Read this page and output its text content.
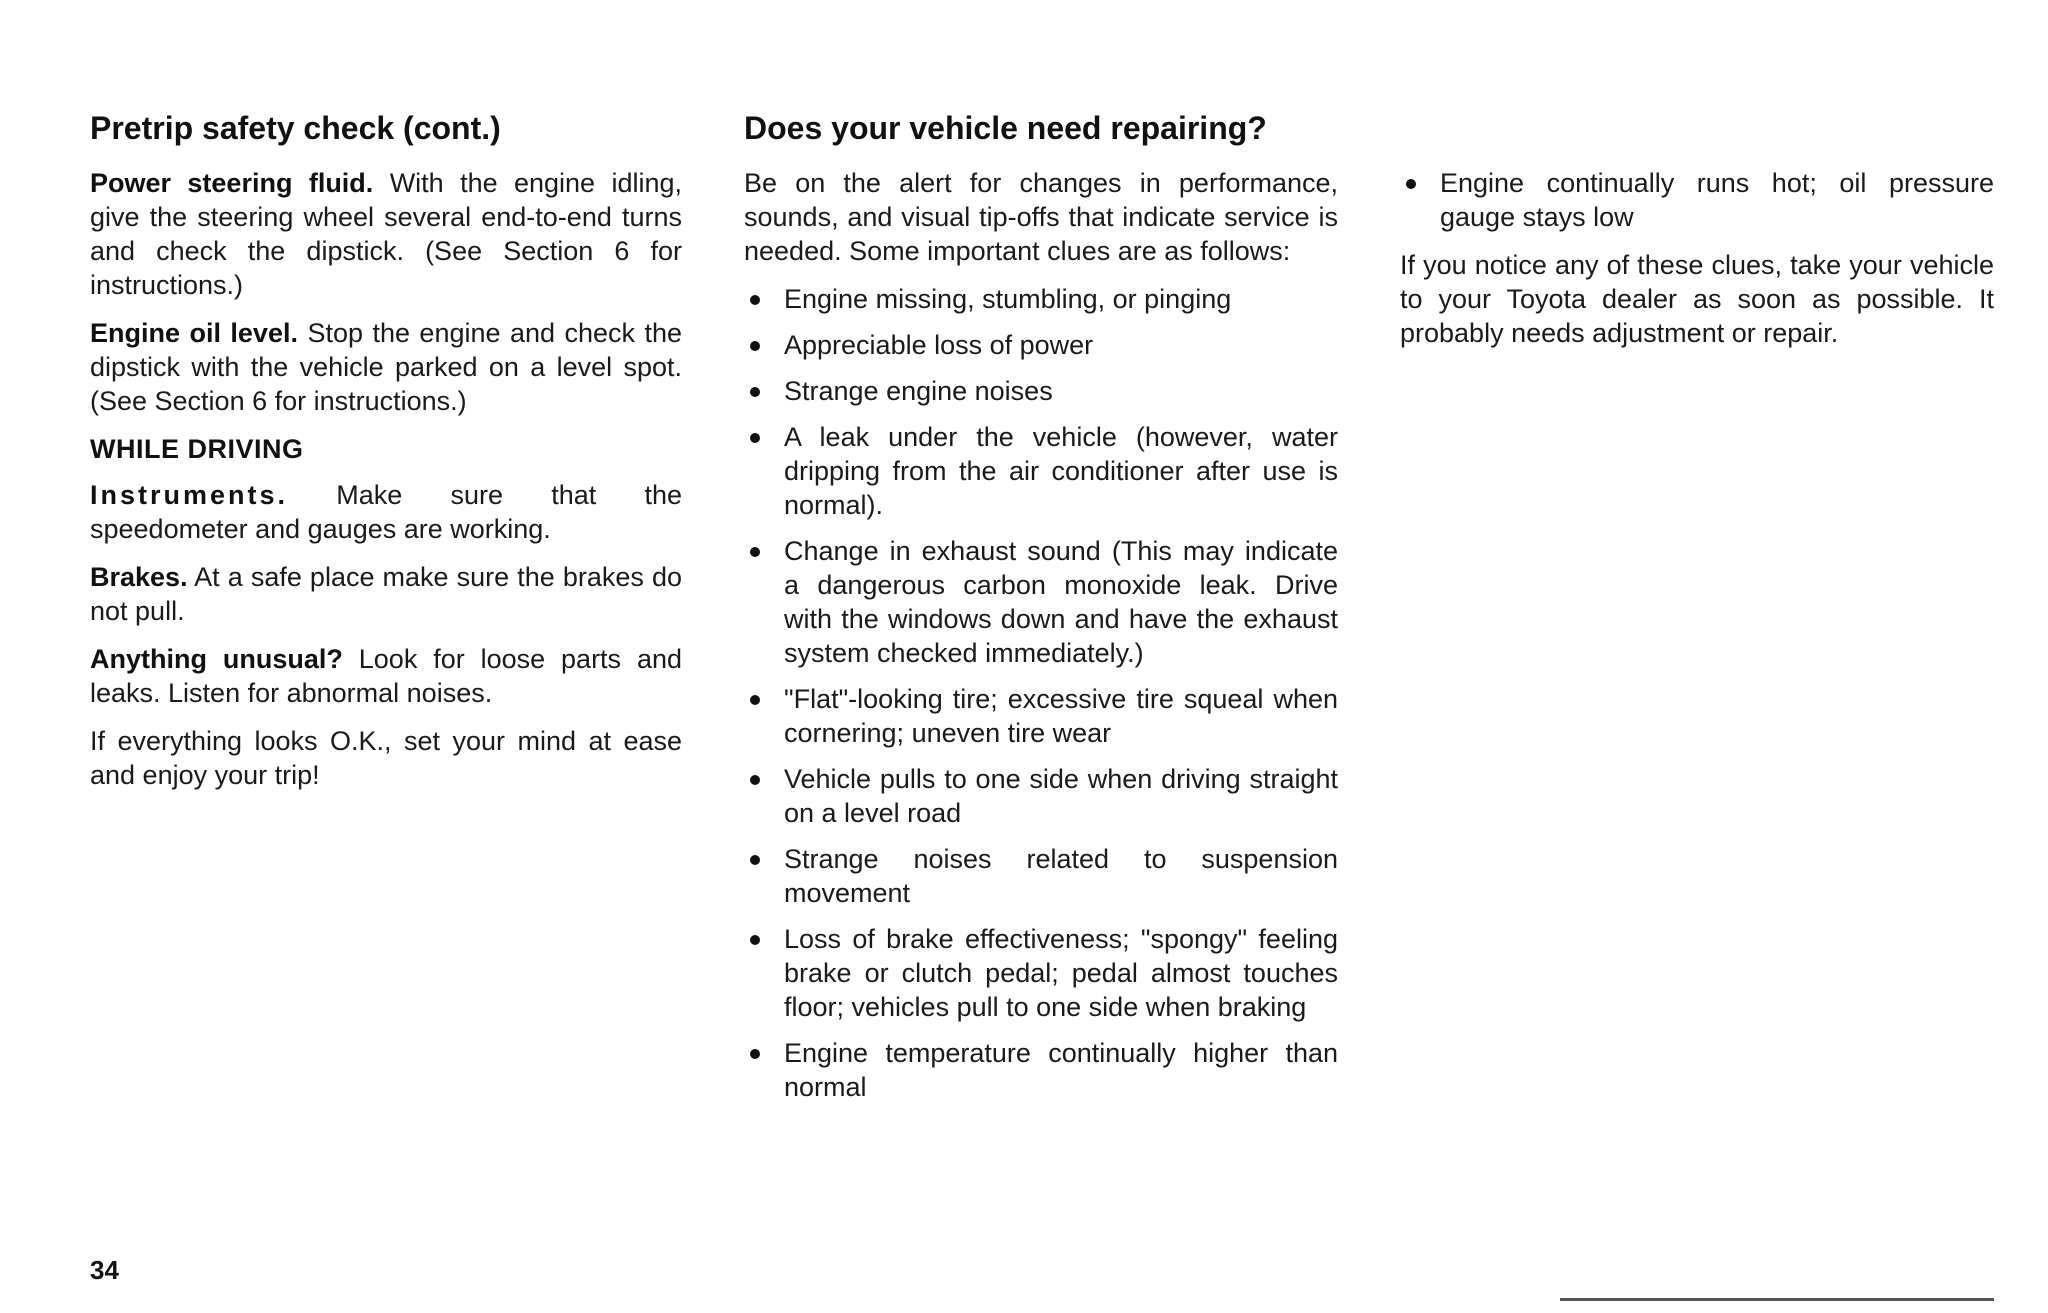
Pretrip safety check (cont.)

Power steering fluid. With the engine idling, give the steering wheel several end-to-end turns and check the dipstick. (See Section 6 for instructions.)

Engine oil level. Stop the engine and check the dipstick with the vehicle parked on a level spot. (See Section 6 for instructions.)

WHILE DRIVING

Instruments. Make sure that the speedometer and gauges are working.

Brakes. At a safe place make sure the brakes do not pull.

Anything unusual? Look for loose parts and leaks. Listen for abnormal noises.

If everything looks O.K., set your mind at ease and enjoy your trip!

Does your vehicle need repairing?

Be on the alert for changes in performance, sounds, and visual tip-offs that indicate service is needed. Some important clues are as follows:

Engine missing, stumbling, or pinging
Appreciable loss of power
Strange engine noises
A leak under the vehicle (however, water dripping from the air conditioner after use is normal).
Change in exhaust sound (This may indicate a dangerous carbon monoxide leak. Drive with the windows down and have the exhaust system checked immediately.)
"Flat"-looking tire; excessive tire squeal when cornering; uneven tire wear
Vehicle pulls to one side when driving straight on a level road
Strange noises related to suspension movement
Loss of brake effectiveness; "spongy" feeling brake or clutch pedal; pedal almost touches floor; vehicles pull to one side when braking
Engine temperature continually higher than normal
Engine continually runs hot; oil pressure gauge stays low

If you notice any of these clues, take your vehicle to your Toyota dealer as soon as possible. It probably needs adjustment or repair.

34
